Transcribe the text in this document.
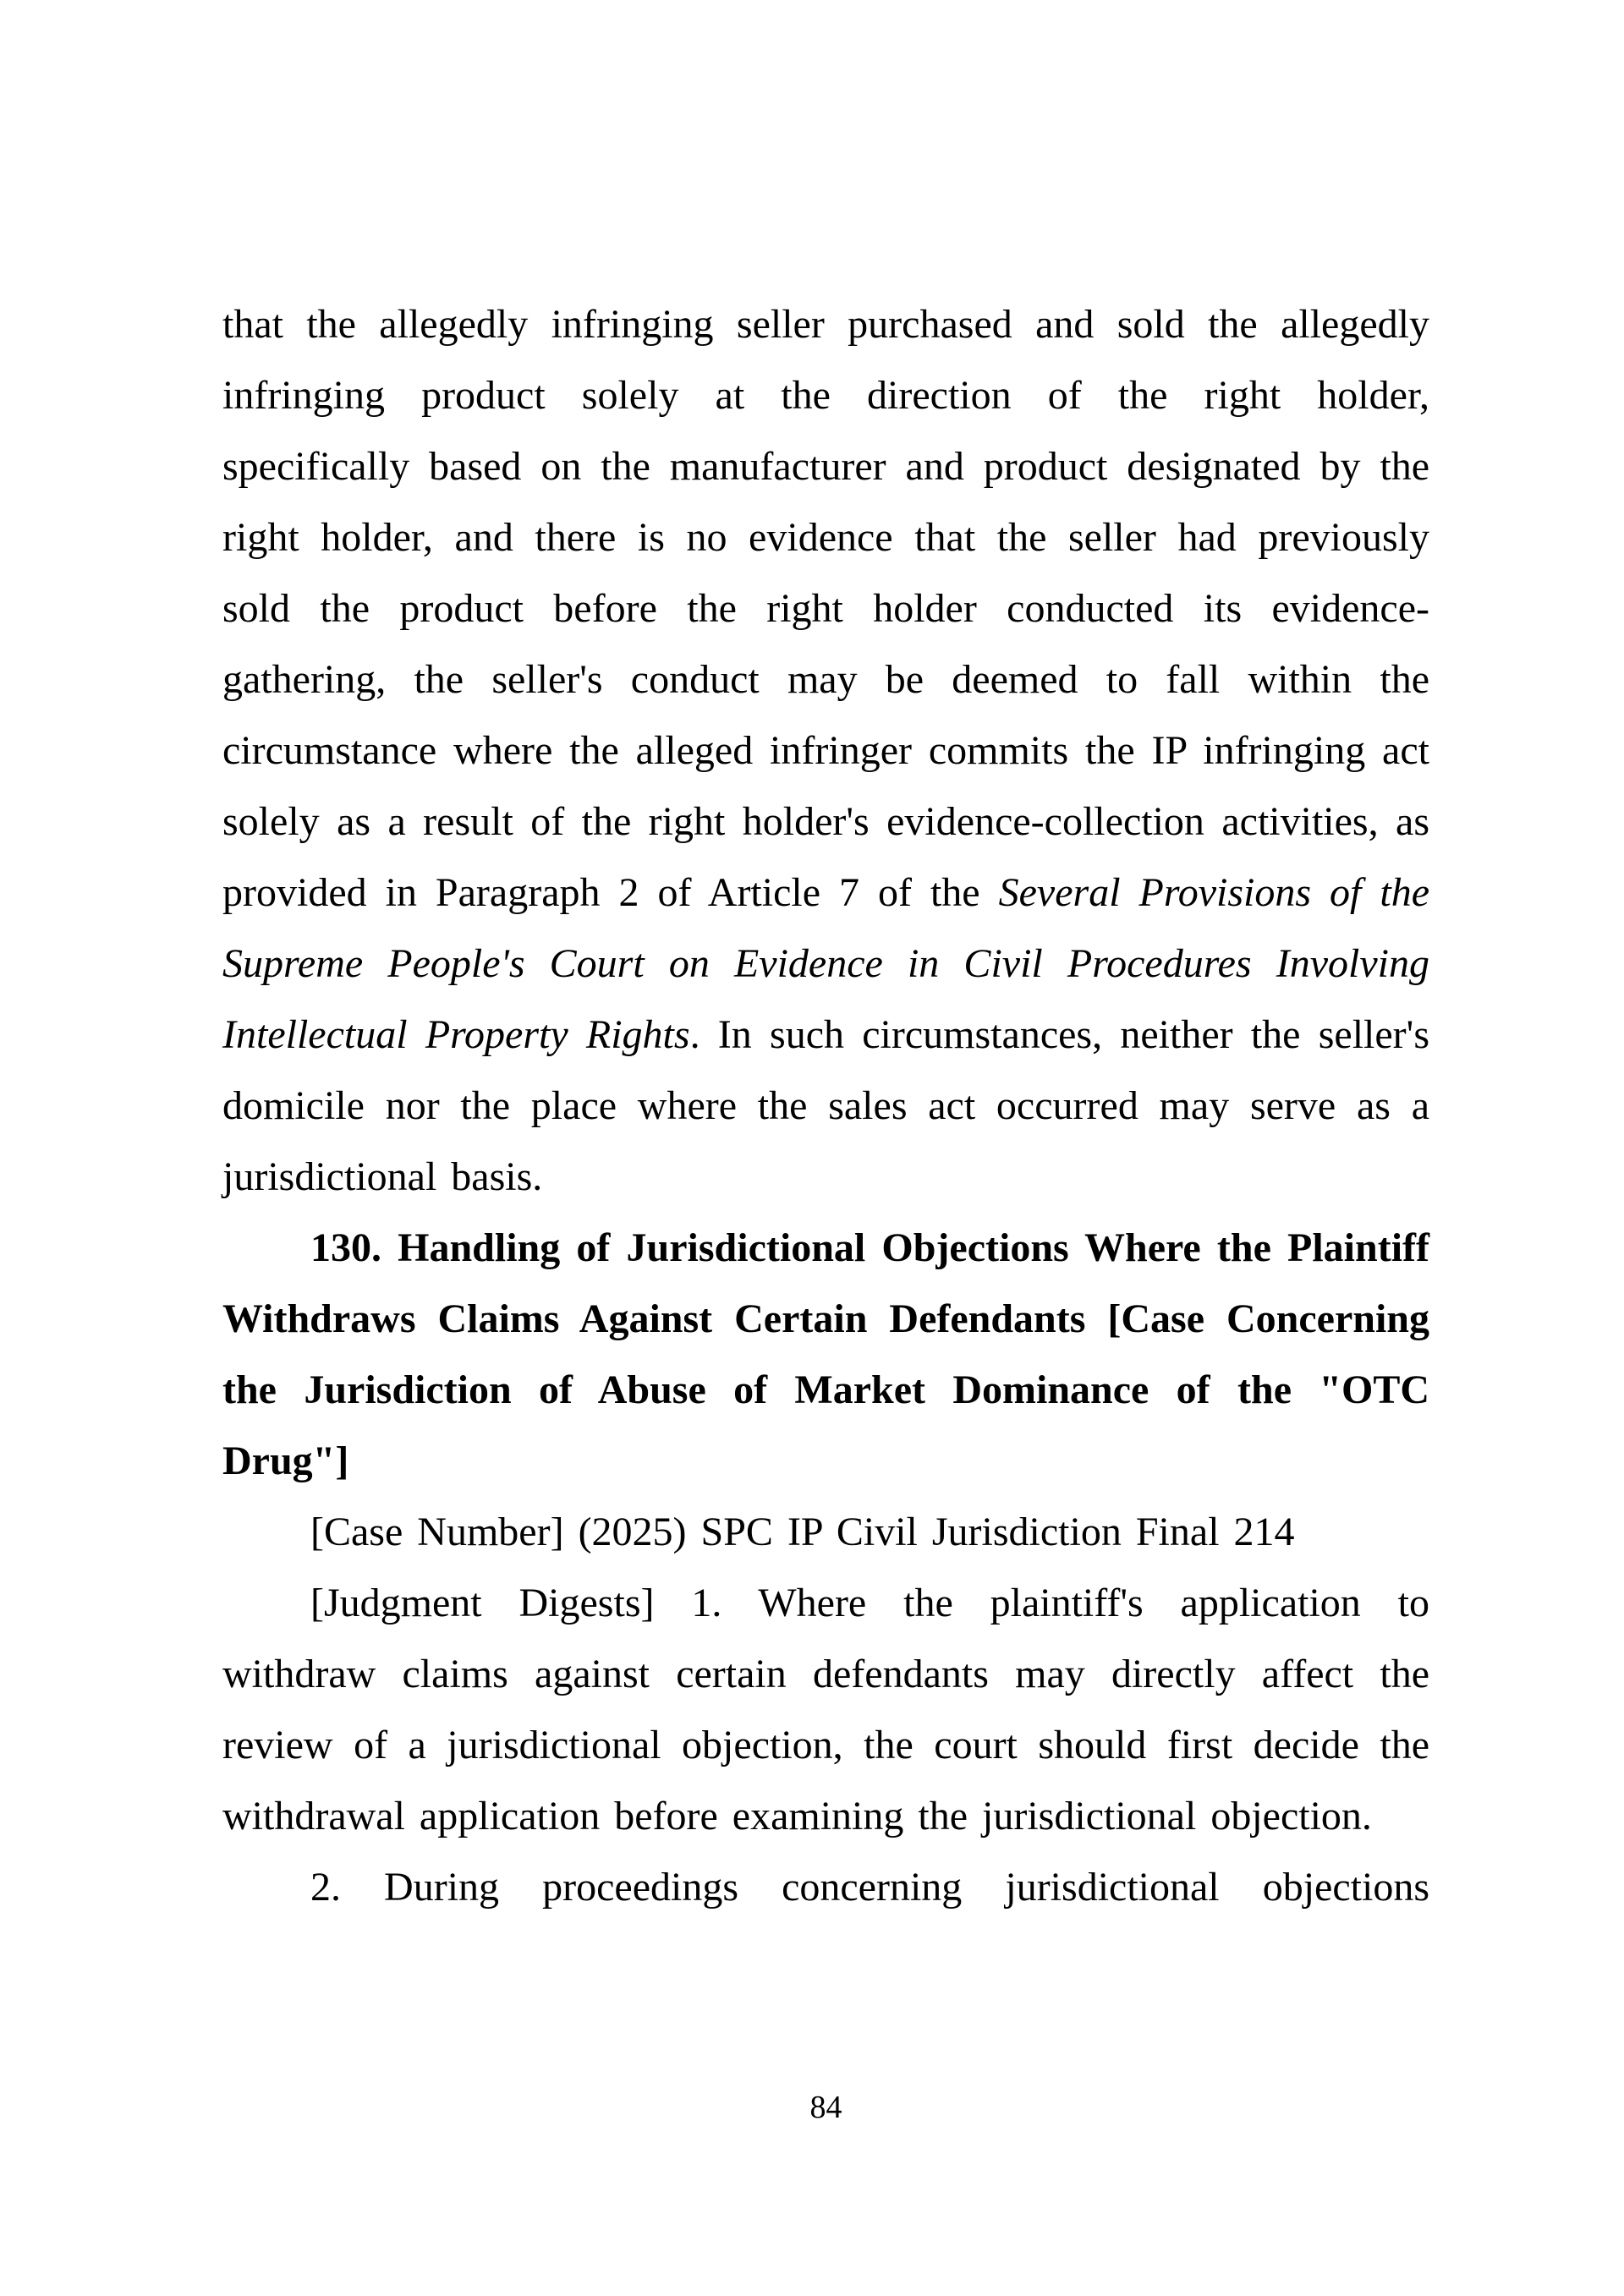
that the allegedly infringing seller purchased and sold the allegedly infringing product solely at the direction of the right holder, specifically based on the manufacturer and product designated by the right holder, and there is no evidence that the seller had previously sold the product before the right holder conducted its evidence-gathering, the seller's conduct may be deemed to fall within the circumstance where the alleged infringer commits the IP infringing act solely as a result of the right holder's evidence-collection activities, as provided in Paragraph 2 of Article 7 of the Several Provisions of the Supreme People's Court on Evidence in Civil Procedures Involving Intellectual Property Rights. In such circumstances, neither the seller's domicile nor the place where the sales act occurred may serve as a jurisdictional basis.

130. Handling of Jurisdictional Objections Where the Plaintiff Withdraws Claims Against Certain Defendants [Case Concerning the Jurisdiction of Abuse of Market Dominance of the "OTC Drug"]

[Case Number] (2025) SPC IP Civil Jurisdiction Final 214

[Judgment Digests] 1. Where the plaintiff's application to withdraw claims against certain defendants may directly affect the review of a jurisdictional objection, the court should first decide the withdrawal application before examining the jurisdictional objection.

2. During proceedings concerning jurisdictional objections

84
